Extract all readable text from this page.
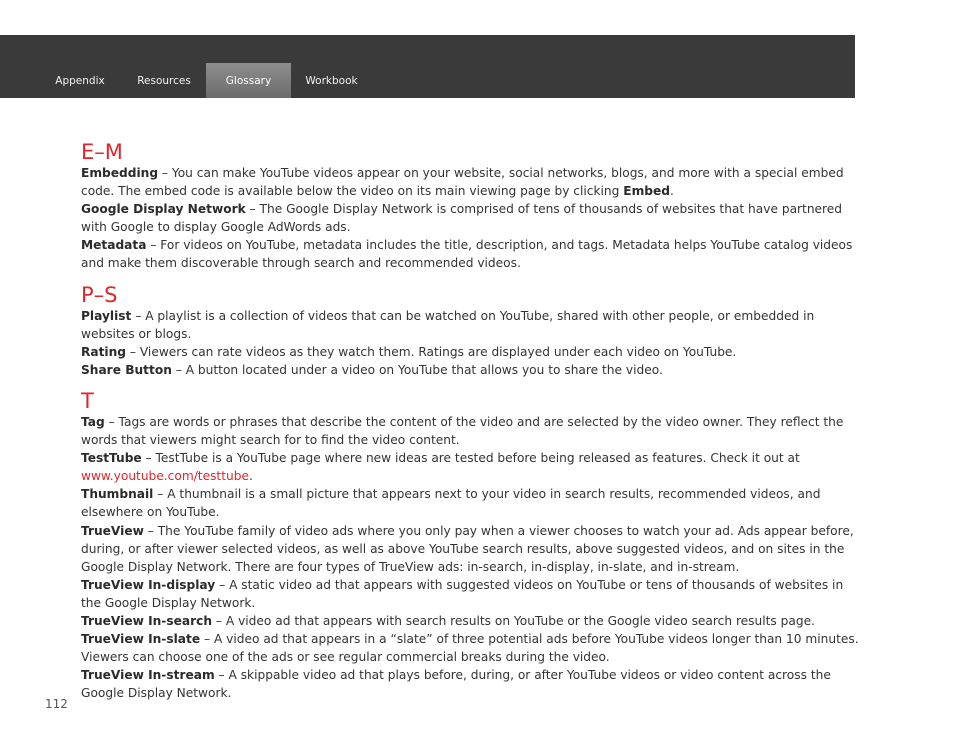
Appendix	Resources	Glossary	Workbook
E–M

Embedding – You can make YouTube videos appear on your website, social networks, blogs, and more with a special embed code. The embed code is available below the video on its main viewing page by clicking Embed.

Google Display Network – The Google Display Network is comprised of tens of thousands of websites that have partnered with Google to display Google AdWords ads.

Metadata – For videos on YouTube, metadata includes the title, description, and tags. Metadata helps YouTube catalog videos and make them discoverable through search and recommended videos.

P–S

Playlist – A playlist is a collection of videos that can be watched on YouTube, shared with other people, or embedded in websites or blogs.

Rating – Viewers can rate videos as they watch them. Ratings are displayed under each video on YouTube.

Share Button – A button located under a video on YouTube that allows you to share the video.

T

Tag – Tags are words or phrases that describe the content of the video and are selected by the video owner. They reflect the words that viewers might search for to find the video content.

TestTube – TestTube is a YouTube page where new ideas are tested before being released as features. Check it out at www.youtube.com/testtube.

Thumbnail – A thumbnail is a small picture that appears next to your video in search results, recommended videos, and elsewhere on YouTube.

TrueView – The YouTube family of video ads where you only pay when a viewer chooses to watch your ad. Ads appear before, during, or after viewer selected videos, as well as above YouTube search results, above suggested videos, and on sites in the Google Display Network. There are four types of TrueView ads: in-search, in-display, in-slate, and in-stream.

TrueView In-display – A static video ad that appears with suggested videos on YouTube or tens of thousands of websites in the Google Display Network.

TrueView In-search – A video ad that appears with search results on YouTube or the Google video search results page.

TrueView In-slate – A video ad that appears in a “slate” of three potential ads before YouTube videos longer than 10 minutes. Viewers can choose one of the ads or see regular commercial breaks during the video.

TrueView In-stream – A skippable video ad that plays before, during, or after YouTube videos or video content across the Google Display Network.

112
